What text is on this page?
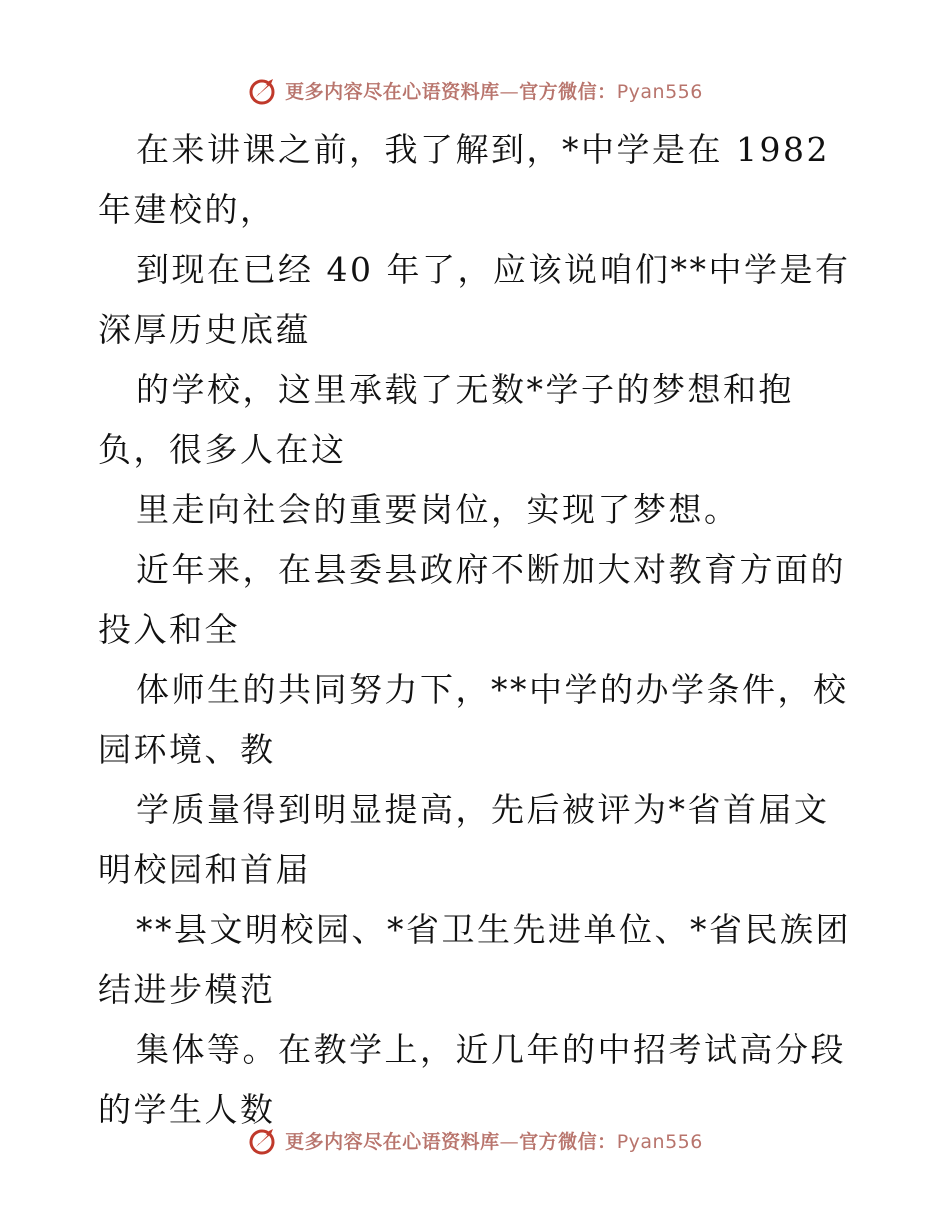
更多内容尽在心语资料库—官方微信：Pyan556

在来讲课之前，我了解到，*中学是在 1982 年建校的，

到现在已经 40 年了，应该说咱们**中学是有深厚历史底蕴

的学校，这里承载了无数*学子的梦想和抱负，很多人在这

里走向社会的重要岗位，实现了梦想。

近年来，在县委县政府不断加大对教育方面的投入和全

体师生的共同努力下，**中学的办学条件，校园环境、教

学质量得到明显提高，先后被评为*省首届文明校园和首届

**县文明校园、*省卫生先进单位、*省民族团结进步模范

集体等。在教学上，近几年的中招考试高分段的学生人数

更多内容尽在心语资料库—官方微信：Pyan556
